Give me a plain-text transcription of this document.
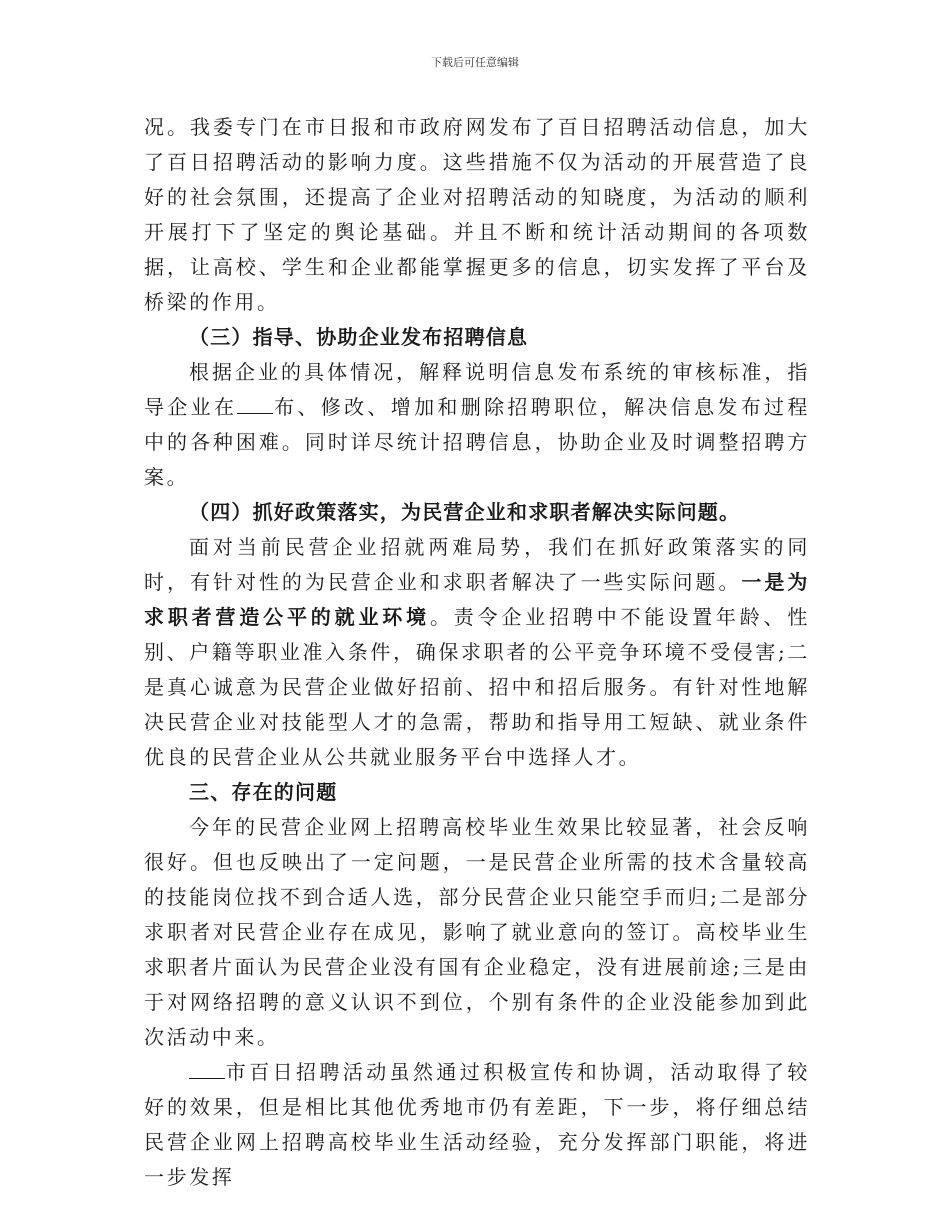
下载后可任意编辑

况。我委专门在市日报和市政府网发布了百日招聘活动信息，加大了百日招聘活动的影响力度。这些措施不仅为活动的开展营造了良好的社会氛围，还提高了企业对招聘活动的知晓度，为活动的顺利开展打下了坚定的舆论基础。并且不断和统计活动期间的各项数据，让高校、学生和企业都能掌握更多的信息，切实发挥了平台及桥梁的作用。

（三）指导、协助企业发布招聘信息

根据企业的具体情况，解释说明信息发布系统的审核标准，指导企业在 布、修改、增加和删除招聘职位，解决信息发布过程中的各种困难。同时详尽统计招聘信息，协助企业及时调整招聘方案。

（四）抓好政策落实，为民营企业和求职者解决实际问题。

面对当前民营企业招就两难局势，我们在抓好政策落实的同时，有针对性的为民营企业和求职者解决了一些实际问题。一是为求职者营造公平的就业环境。责令企业招聘中不能设置年龄、性别、户籍等职业准入条件，确保求职者的公平竞争环境不受侵害;二是真心诚意为民营企业做好招前、招中和招后服务。有针对性地解决民营企业对技能型人才的急需，帮助和指导用工短缺、就业条件优良的民营企业从公共就业服务平台中选择人才。

三、存在的问题

今年的民营企业网上招聘高校毕业生效果比较显著，社会反响很好。但也反映出了一定问题，一是民营企业所需的技术含量较高的技能岗位找不到合适人选，部分民营企业只能空手而归;二是部分求职者对民营企业存在成见，影响了就业意向的签订。高校毕业生求职者片面认为民营企业没有国有企业稳定，没有进展前途;三是由于对网络招聘的意义认识不到位，个别有条件的企业没能参加到此次活动中来。

市百日招聘活动虽然通过积极宣传和协调，活动取得了较好的效果，但是相比其他优秀地市仍有差距，下一步，将仔细总结民营企业网上招聘高校毕业生活动经验，充分发挥部门职能，将进一步发挥
